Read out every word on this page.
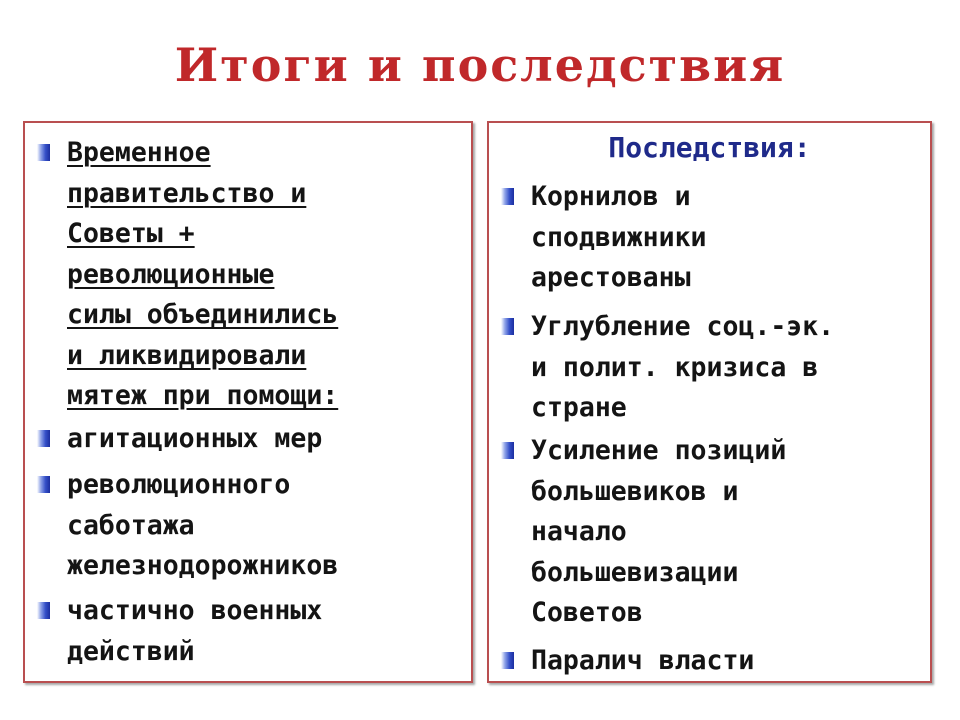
Итоги и последствия
Временное
правительство и
Советы +
революционные
силы объединились
и ликвидировали
мятеж при помощи:
агитационных мер
революционного
саботажа
железнодорожников
частично военных
действий
Последствия:
Корнилов и
сподвижники
арестованы
Углубление соц.-эк.
и полит. кризиса в
стране
Усиление позиций
большевиков и
начало
большевизации
Советов
Паралич власти
